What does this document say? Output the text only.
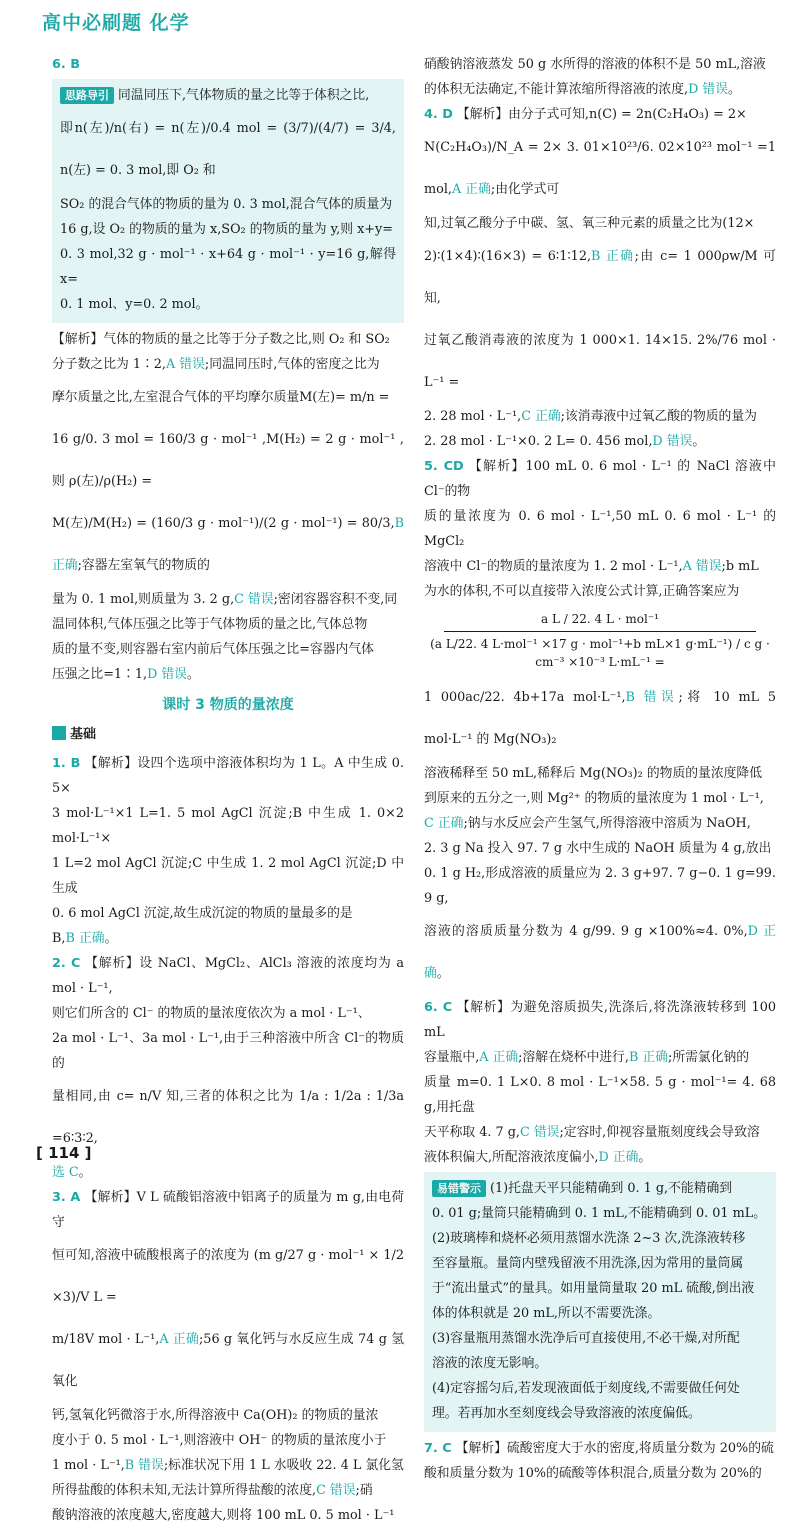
高中必刷题 化学

6. B

思路导引 同温同压下,气体物质的量之比等于体积之比,

即n(左)/n(右) = n(左)/0.4 mol = (3/7)/(4/7) = 3/4, n(左) = 0. 3 mol,即 O₂ 和

SO₂ 的混合气体的物质的量为 0. 3 mol,混合气体的质量为

16 g,设 O₂ 的物质的量为 x,SO₂ 的物质的量为 y,则 x+y=

0. 3 mol,32 g · mol⁻¹ · x+64 g · mol⁻¹ · y=16 g,解得 x=

0. 1 mol、y=0. 2 mol。

【解析】气体的物质的量之比等于分子数之比,则 O₂ 和 SO₂

分子数之比为 1∶2,A 错误;同温同压时,气体的密度之比为

摩尔质量之比,左室混合气体的平均摩尔质量M(左)= m/n =

16 g/0. 3 mol = 160/3 g · mol⁻¹ ,M(H₂) = 2 g · mol⁻¹ ,则 ρ(左)/ρ(H₂) =

M(左)/M(H₂) = (160/3 g · mol⁻¹)/(2 g · mol⁻¹) = 80/3,B 正确;容器左室氧气的物质的

量为 0. 1 mol,则质量为 3. 2 g,C 错误;密闭容器容积不变,同

温同体积,气体压强之比等于气体物质的量之比,气体总物

质的量不变,则容器右室内前后气体压强之比=容器内气体

压强之比=1∶1,D 错误。

课时 3 物质的量浓度
基础

1. B 【解析】设四个选项中溶液体积均为 1 L。A 中生成 0. 5×

3 mol·L⁻¹×1 L=1. 5 mol AgCl 沉淀;B 中生成 1. 0×2 mol·L⁻¹×

1 L=2 mol AgCl 沉淀;C 中生成 1. 2 mol AgCl 沉淀;D 中生成

0. 6 mol AgCl 沉淀,故生成沉淀的物质的量最多的是

B,B 正确。

2. C 【解析】设 NaCl、MgCl₂、AlCl₃ 溶液的浓度均为 a mol · L⁻¹,

则它们所含的 Cl⁻ 的物质的量浓度依次为 a mol · L⁻¹、

2a mol · L⁻¹、3a mol · L⁻¹,由于三种溶液中所含 Cl⁻的物质的

量相同,由 c= n/V 知,三者的体积之比为 1/a : 1/2a : 1/3a =6∶3∶2,

选 C。

3. A 【解析】V L 硫酸铝溶液中铝离子的质量为 m g,由电荷守

恒可知,溶液中硫酸根离子的浓度为 (m g/27 g · mol⁻¹ × 1/2 ×3)/V L =

m/18V mol · L⁻¹,A 正确;56 g 氧化钙与水反应生成 74 g 氢氧化

钙,氢氧化钙微溶于水,所得溶液中 Ca(OH)₂ 的物质的量浓

度小于 0. 5 mol · L⁻¹,则溶液中 OH⁻ 的物质的量浓度小于

1 mol · L⁻¹,B 错误;标准状况下用 1 L 水吸收 22. 4 L 氯化氢

所得盐酸的体积未知,无法计算所得盐酸的浓度,C 错误;硝

酸钠溶液的浓度越大,密度越大,则将 100 mL 0. 5 mol · L⁻¹

硝酸钠溶液蒸发 50 g 水所得的溶液的体积不是 50 mL,溶液

的体积无法确定,不能计算浓缩所得溶液的浓度,D 错误。

4. D 【解析】由分子式可知,n(C) = 2n(C₂H₄O₃) = 2×

N(C₂H₄O₃)/N_A = 2× 3. 01×10²³/6. 02×10²³ mol⁻¹ =1 mol,A 正确;由化学式可

知,过氧乙酸分子中碳、氢、氧三种元素的质量之比为(12×

2)∶(1×4)∶(16×3) = 6∶1∶12,B 正确;由 c= 1 000ρw/M 可知,

过氧乙酸消毒液的浓度为 1 000×1. 14×15. 2%/76 mol · L⁻¹ =

2. 28 mol · L⁻¹,C 正确;该消毒液中过氧乙酸的物质的量为

2. 28 mol · L⁻¹×0. 2 L= 0. 456 mol,D 错误。

5. CD 【解析】100 mL 0. 6 mol · L⁻¹ 的 NaCl 溶液中 Cl⁻的物

质的量浓度为 0. 6 mol · L⁻¹,50 mL 0. 6 mol · L⁻¹ 的 MgCl₂

溶液中 Cl⁻的物质的量浓度为 1. 2 mol · L⁻¹,A 错误;b mL

为水的体积,不可以直接带入浓度公式计算,正确答案应为

a L / 22. 4 L · mol⁻¹
(a L/22. 4 L·mol⁻¹ ×17 g · mol⁻¹+b mL×1 g·mL⁻¹) / c g · cm⁻³ ×10⁻³ L·mL⁻¹ =

1 000ac/22. 4b+17a mol·L⁻¹,B 错误;将 10 mL 5 mol·L⁻¹ 的 Mg(NO₃)₂

溶液稀释至 50 mL,稀释后 Mg(NO₃)₂ 的物质的量浓度降低

到原来的五分之一,则 Mg²⁺ 的物质的量浓度为 1 mol · L⁻¹,

C 正确;钠与水反应会产生氢气,所得溶液中溶质为 NaOH,

2. 3 g Na 投入 97. 7 g 水中生成的 NaOH 质量为 4 g,放出

0. 1 g H₂,形成溶液的质量应为 2. 3 g+97. 7 g−0. 1 g=99. 9 g,

溶液的溶质质量分数为 4 g/99. 9 g ×100%≈4. 0%,D 正确。

6. C 【解析】为避免溶质损失,洗涤后,将洗涤液转移到 100 mL

容量瓶中,A 正确;溶解在烧杯中进行,B 正确;所需氯化钠的

质量 m=0. 1 L×0. 8 mol · L⁻¹×58. 5 g · mol⁻¹= 4. 68 g,用托盘

天平称取 4. 7 g,C 错误;定容时,仰视容量瓶刻度线会导致溶

液体积偏大,所配溶液浓度偏小,D 正确。

易错警示 (1)托盘天平只能精确到 0. 1 g,不能精确到

0. 01 g;量筒只能精确到 0. 1 mL,不能精确到 0. 01 mL。

(2)玻璃棒和烧杯必须用蒸馏水洗涤 2~3 次,洗涤液转移

至容量瓶。量筒内壁残留液不用洗涤,因为常用的量筒属

于“流出量式”的量具。如用量筒量取 20 mL 硫酸,倒出液

体的体积就是 20 mL,所以不需要洗涤。

(3)容量瓶用蒸馏水洗净后可直接使用,不必干燥,对所配

溶液的浓度无影响。

(4)定容摇匀后,若发现液面低于刻度线,不需要做任何处

理。若再加水至刻度线会导致溶液的浓度偏低。

7. C 【解析】硫酸密度大于水的密度,将质量分数为 20%的硫

酸和质量分数为 10%的硫酸等体积混合,质量分数为 20%的

[ 114 ]
